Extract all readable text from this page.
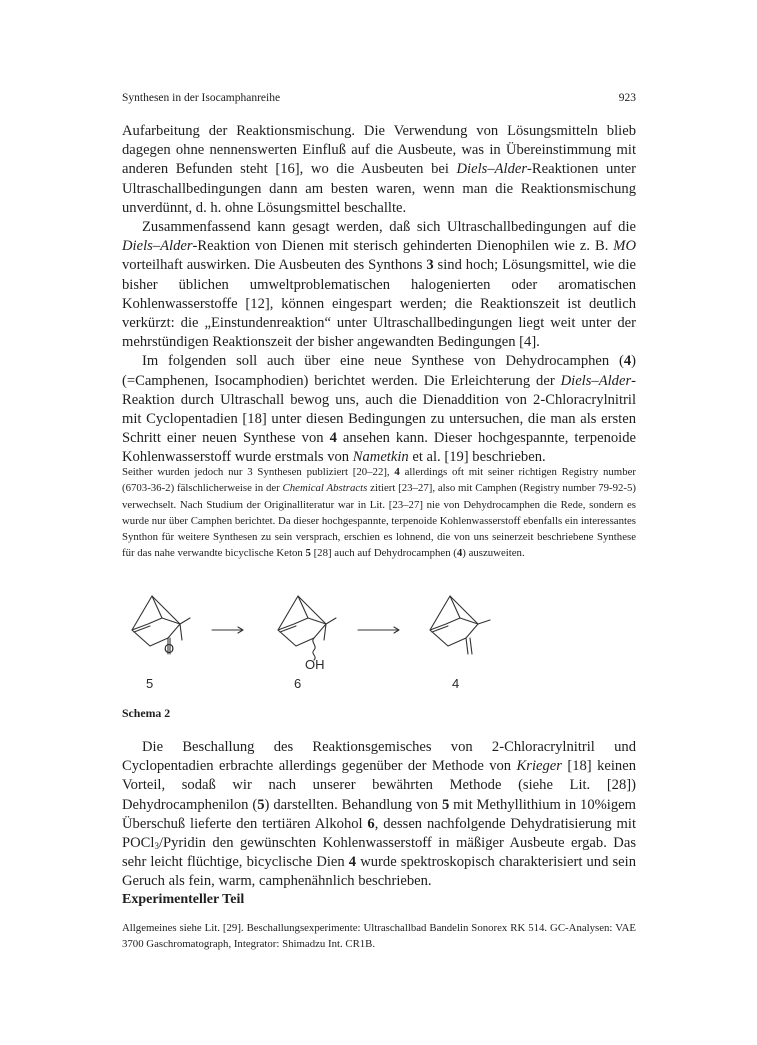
Synthesen in der Isocamphanreihe	923

Aufarbeitung der Reaktionsmischung. Die Verwendung von Lösungsmitteln blieb dagegen ohne nennenswerten Einfluß auf die Ausbeute, was in Übereinstimmung mit anderen Befunden steht [16], wo die Ausbeuten bei Diels–Alder-Reaktionen unter Ultraschallbedingungen dann am besten waren, wenn man die Reaktionsmischung unverdünnt, d. h. ohne Lösungsmittel beschallte.

Zusammenfassend kann gesagt werden, daß sich Ultraschallbedingungen auf die Diels–Alder-Reaktion von Dienen mit sterisch gehinderten Dienophilen wie z. B. MO vorteilhaft auswirken. Die Ausbeuten des Synthons 3 sind hoch; Lösungsmittel, wie die bisher üblichen umweltproblematischen halogenierten oder aromatischen Kohlenwasserstoffe [12], können eingespart werden; die Reaktionszeit ist deutlich verkürzt: die „Einstundenreaktion“ unter Ultraschallbedingungen liegt weit unter der mehrstündigen Reaktionszeit der bisher angewandten Bedingungen [4].

Im folgenden soll auch über eine neue Synthese von Dehydrocamphen (4) (=Camphenen, Isocamphodien) berichtet werden. Die Erleichterung der Diels–Alder-Reaktion durch Ultraschall bewog uns, auch die Dienaddition von 2-Chloracrylnitril mit Cyclopentadien [18] unter diesen Bedingungen zu untersuchen, die man als ersten Schritt einer neuen Synthese von 4 ansehen kann. Dieser hochgespannte, terpenoide Kohlenwasserstoff wurde erstmals von Nametkin et al. [19] beschrieben.

Seither wurden jedoch nur 3 Synthesen publiziert [20–22], 4 allerdings oft mit seiner richtigen Registry number (6703-36-2) fälschlicherweise in der Chemical Abstracts zitiert [23–27], also mit Camphen (Registry number 79-92-5) verwechselt. Nach Studium der Originalliteratur war in Lit. [23–27] nie von Dehydrocamphen die Rede, sondern es wurde nur über Camphen berichtet. Da dieser hochgespannte, terpenoide Kohlenwasserstoff ebenfalls ein interessantes Synthon für weitere Synthesen zu sein versprach, erschien es lohnend, die von uns seinerzeit beschriebene Synthese für das nahe verwandte bicyclische Keton 5 [28] auch auf Dehydrocamphen (4) auszuweiten.

O
OH
5	6	4
Schema 2

Die Beschallung des Reaktionsgemisches von 2-Chloracrylnitril und Cyclopentadien erbrachte allerdings gegenüber der Methode von Krieger [18] keinen Vorteil, sodaß wir nach unserer bewährten Methode (siehe Lit. [28]) Dehydrocamphenilon (5) darstellten. Behandlung von 5 mit Methyllithium in 10%igem Überschuß lieferte den tertiären Alkohol 6, dessen nachfolgende Dehydratisierung mit POCl$_3$/Pyridin den gewünschten Kohlenwasserstoff in mäßiger Ausbeute ergab. Das sehr leicht flüchtige, bicyclische Dien 4 wurde spektroskopisch charakterisiert und sein Geruch als fein, warm, camphenähnlich beschrieben.

Experimenteller Teil

Allgemeines siehe Lit. [29]. Beschallungsexperimente: Ultraschallbad Bandelin Sonorex RK 514. GC-Analysen: VAE 3700 Gaschromatograph, Integrator: Shimadzu Int. CR1B.
